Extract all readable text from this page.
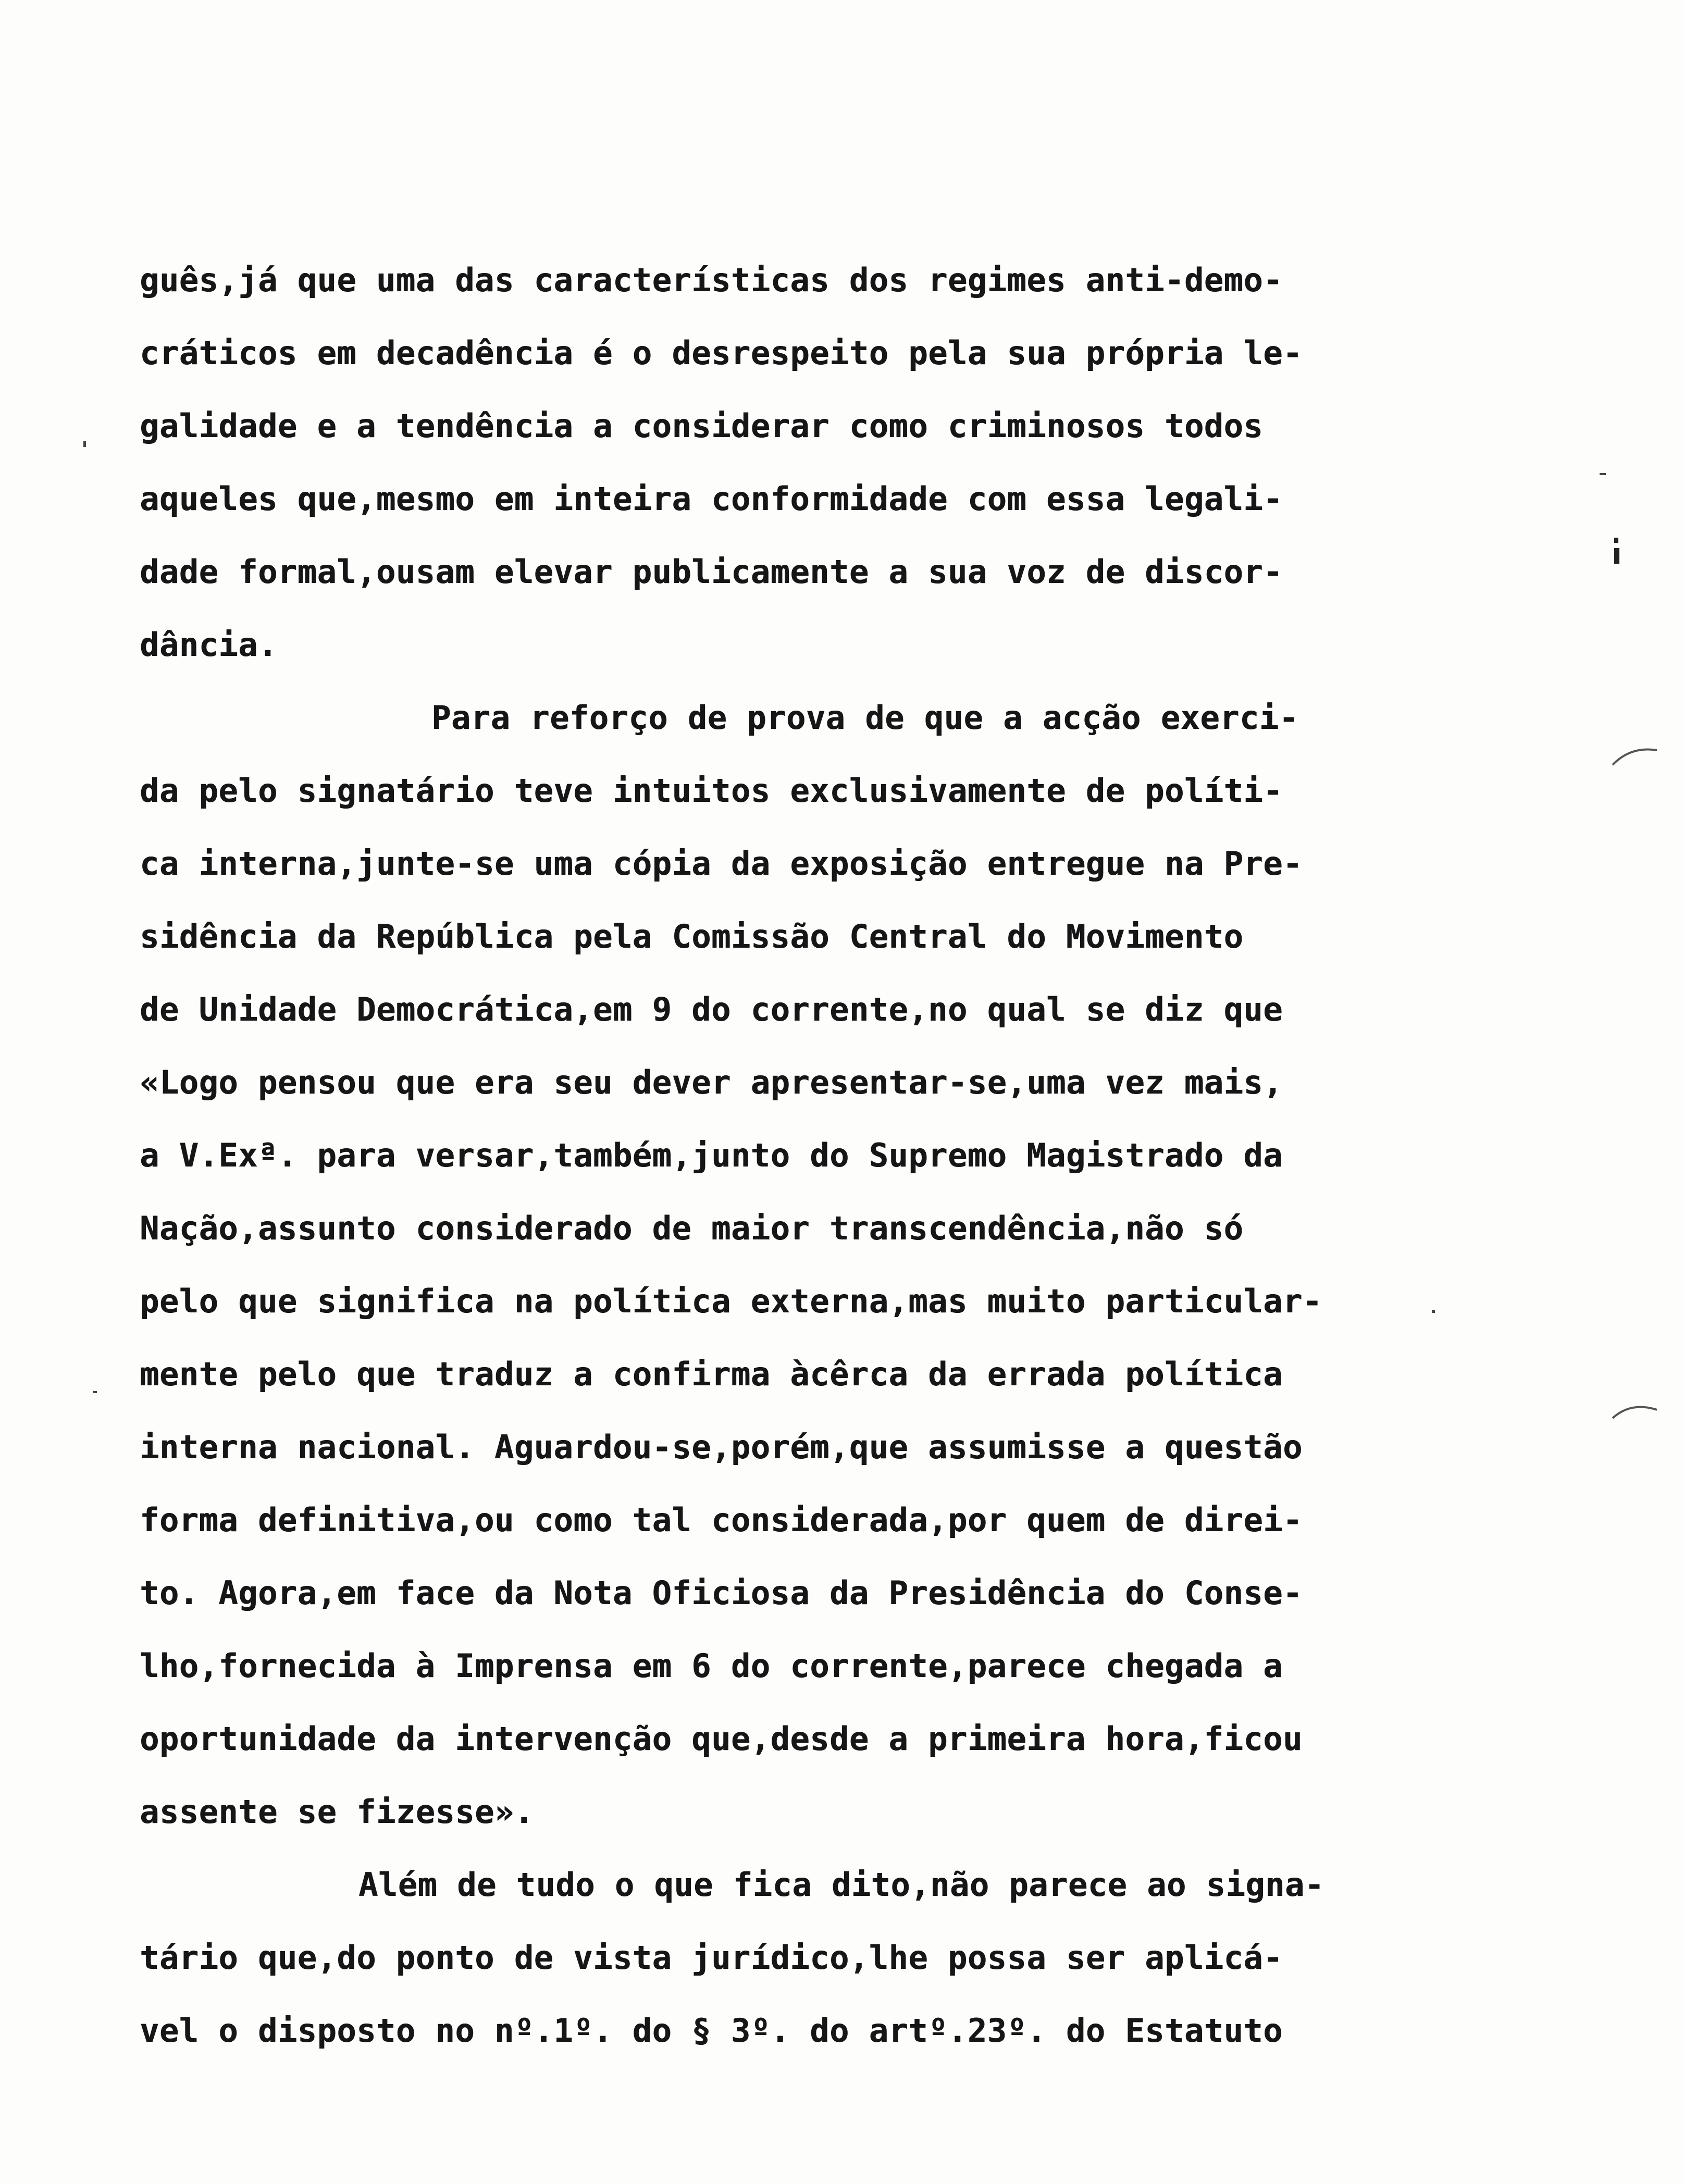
guês,já que uma das características dos regimes anti-demo-
cráticos em decadência é o desrespeito pela sua própria le-
galidade e a tendência a considerar como criminosos todos
aqueles que,mesmo em inteira conformidade com essa legali-
dade formal,ousam elevar publicamente a sua voz de discor-
dância.
Para reforço de prova de que a acção exerci-
da pelo signatário teve intuitos exclusivamente de políti-
ca interna,junte-se uma cópia da exposição entregue na Pre-
sidência da República pela Comissão Central do Movimento
de Unidade Democrática,em 9 do corrente,no qual se diz que
«Logo pensou que era seu dever apresentar-se,uma vez mais,
a V.Exª. para versar,também,junto do Supremo Magistrado da
Nação,assunto considerado de maior transcendência,não só
pelo que significa na política externa,mas muito particular-
mente pelo que traduz a confirma àcêrca da errada política
interna nacional. Aguardou-se,porém,que assumisse a questão
forma definitiva,ou como tal considerada,por quem de direi-
to. Agora,em face da Nota Oficiosa da Presidência do Conse-
lho,fornecida à Imprensa em 6 do corrente,parece chegada a
oportunidade da intervenção que,desde a primeira hora,ficou
assente se fizesse».
Além de tudo o que fica dito,não parece ao signa-
tário que,do ponto de vista jurídico,lhe possa ser aplicá-
vel o disposto no nº.1º. do § 3º. do artº.23º. do Estatuto
